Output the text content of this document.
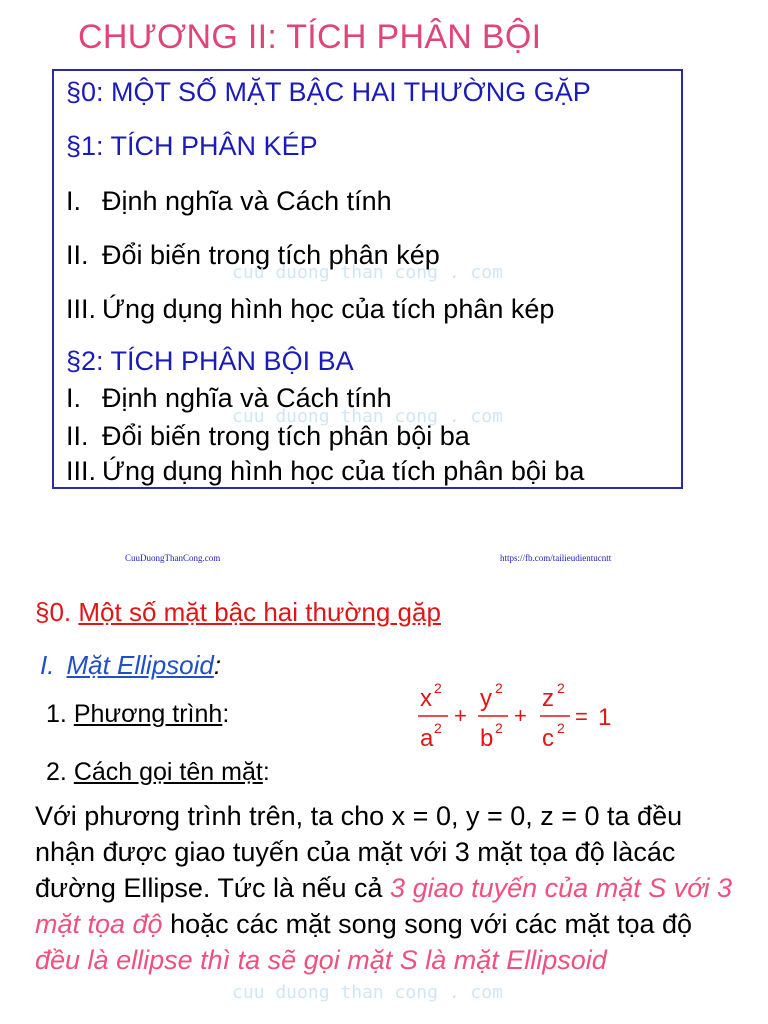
CHƯƠNG II: TÍCH PHÂN BỘI
§0: MỘT SỐ MẶT BẬC HAI THƯỜNG GẶP
§1: TÍCH PHÂN KÉP
I. Định nghĩa và Cách tính
II. Đổi biến trong tích phân kép
III. Ứng dụng hình học của tích phân kép
§2: TÍCH PHÂN BỘI BA
I. Định nghĩa và Cách tính
II. Đổi biến trong tích phân bội ba
III. Ứng dụng hình học của tích phân bội ba
cuu duong than cong . com
cuu duong than cong . com
CuuDuongThanCong.com	https://fb.com/tailieudientucntt
§0. Một số mặt bậc hai thường gặp
I. Mặt Ellipsoid:
1. Phương trình:
x 2
a 2 +
y 2
b 2 +
z 2
c 2 = 1
2. Cách gọi tên mặt:

Với phương trình trên, ta cho x = 0, y = 0, z = 0 ta đều nhận được giao tuyến của mặt với 3 mặt tọa độ làcác đường Ellipse. Tức là nếu cả 3 giao tuyến của mặt S với 3 mặt tọa độ hoặc các mặt song song với các mặt tọa độ đều là ellipse thì ta sẽ gọi mặt S là mặt Ellipsoid

cuu duong than cong . com
